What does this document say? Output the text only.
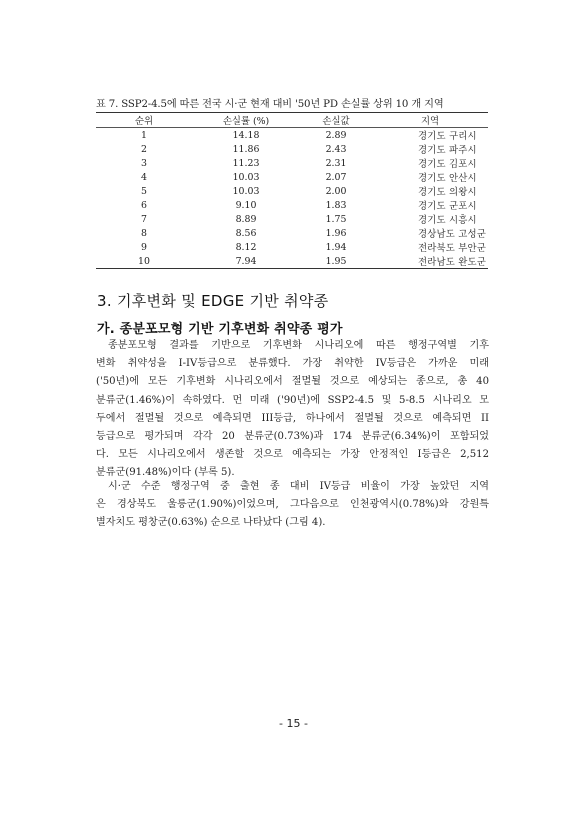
표 7. SSP2-4.5에 따른 전국 시·군 현재 대비 '50년 PD 손실률 상위 10 개 지역
순위	손실률 (%)	손실값	지역
1	14.18	2.89	경기도 구리시
2	11.86	2.43	경기도 파주시
3	11.23	2.31	경기도 김포시
4	10.03	2.07	경기도 안산시
5	10.03	2.00	경기도 의왕시
6	9.10	1.83	경기도 군포시
7	8.89	1.75	경기도 시흥시
8	8.56	1.96	경상남도 고성군
9	8.12	1.94	전라북도 부안군
10	7.94	1.95	전라남도 완도군
3. 기후변화 및 EDGE 기반 취약종
가. 종분포모형 기반 기후변화 취약종 평가
종분포모형 결과를 기반으로 기후변화 시나리오에 따른 행정구역별 기후
변화 취약성을 I-IV등급으로 분류했다. 가장 취약한 IV등급은 가까운 미래
('50년)에 모든 기후변화 시나리오에서 절멸될 것으로 예상되는 종으로, 총 40
분류군(1.46%)이 속하였다. 먼 미래 ('90년)에 SSP2-4.5 및 5-8.5 시나리오 모
두에서 절멸될 것으로 예측되면 III등급, 하나에서 절멸될 것으로 예측되면 II
등급으로 평가되며 각각 20 분류군(0.73%)과 174 분류군(6.34%)이 포함되었
다. 모든 시나리오에서 생존할 것으로 예측되는 가장 안정적인 I등급은 2,512
분류군(91.48%)이다 (부록 5).
시·군 수준 행정구역 중 출현 종 대비 IV등급 비율이 가장 높았던 지역
은 경상북도 울릉군(1.90%)이었으며, 그다음으로 인천광역시(0.78%)와 강원특
별자치도 평창군(0.63%) 순으로 나타났다 (그림 4).
- 15 -
